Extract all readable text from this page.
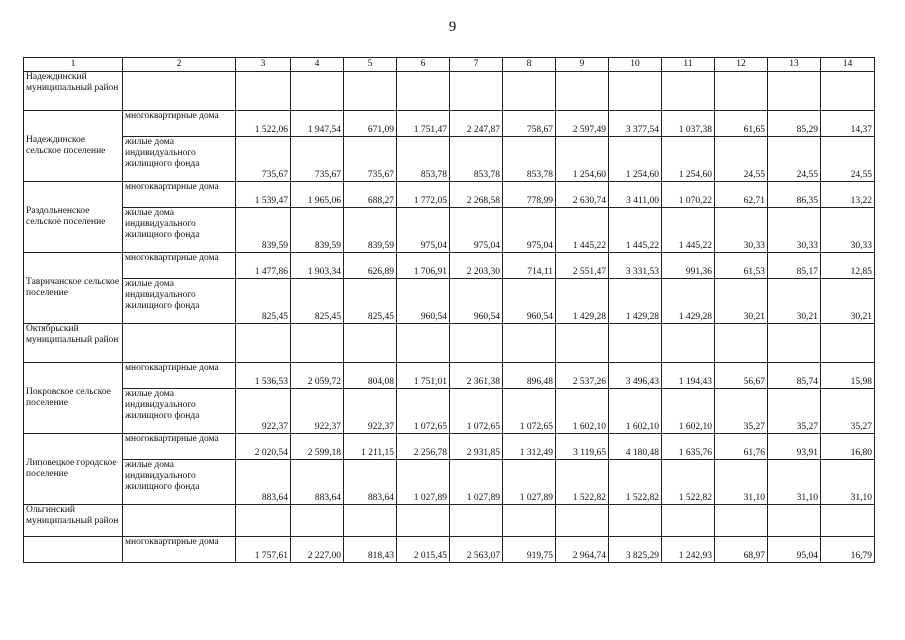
9
1	2	3	4	5	6	7	8	9	10	11	12	13	14
Надеждинский муниципальный район													
Надеждинское сельское поселение	многоквартирные дома	1 522,06	1 947,54	671,09	1 751,47	2 247,87	758,67	2 597,49	3 377,54	1 037,38	61,65	85,29	14,37
	жилые дома индивидуального жилищного фонда	735,67	735,67	735,67	853,78	853,78	853,78	1 254,60	1 254,60	1 254,60	24,55	24,55	24,55
Раздольненское сельское поселение	многоквартирные дома	1 539,47	1 965,06	688,27	1 772,05	2 268,58	778,99	2 630,74	3 411,00	1 070,22	62,71	86,35	13,22
	жилые дома индивидуального жилищного фонда	839,59	839,59	839,59	975,04	975,04	975,04	1 445,22	1 445,22	1 445,22	30,33	30,33	30,33
Тавричанское сельское поселение	многоквартирные дома	1 477,86	1 903,34	626,89	1 706,91	2 203,30	714,11	2 551,47	3 331,53	991,36	61,53	85,17	12,85
	жилые дома индивидуального жилищного фонда	825,45	825,45	825,45	960,54	960,54	960,54	1 429,28	1 429,28	1 429,28	30,21	30,21	30,21
Октябрьский муниципальный район													
Покровское сельское поселение	многоквартирные дома	1 536,53	2 059,72	804,08	1 751,01	2 361,38	896,48	2 537,26	3 496,43	1 194,43	56,67	85,74	15,98
	жилые дома индивидуального жилищного фонда	922,37	922,37	922,37	1 072,65	1 072,65	1 072,65	1 602,10	1 602,10	1 602,10	35,27	35,27	35,27
Липовецкое городское поселение	многоквартирные дома	2 020,54	2 599,18	1 211,15	2 256,78	2 931,85	1 312,49	3 119,65	4 180,48	1 635,76	61,76	93,91	16,80
	жилые дома индивидуального жилищного фонда	883,64	883,64	883,64	1 027,89	1 027,89	1 027,89	1 522,82	1 522,82	1 522,82	31,10	31,10	31,10
Ольгинский муниципальный район													
	многоквартирные дома	1 757,61	2 227,00	818,43	2 015,45	2 563,07	919,75	2 964,74	3 825,29	1 242,93	68,97	95,04	16,79
